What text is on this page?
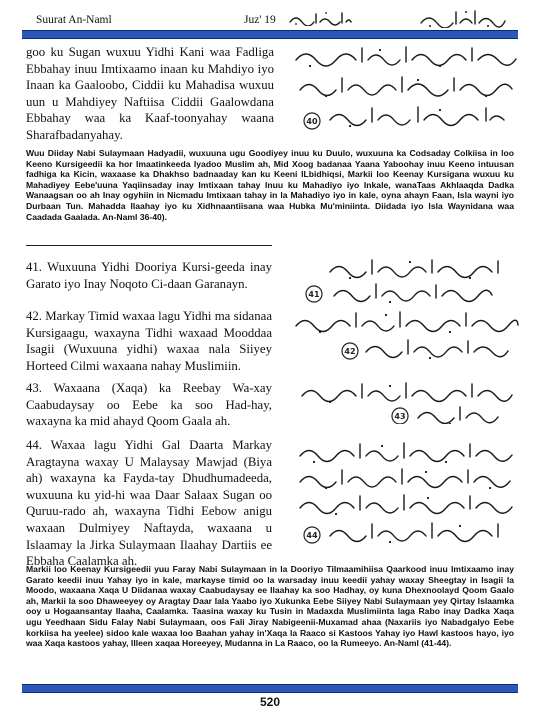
Suurat An-Naml	Juz' 19
goo ku Sugan wuxuu Yidhi Kani waa Fadliga Ebbahay inuu Imtixaamo inaan ku Mahdiyo iyo Inaan ka Gaaloobo, Ciddii ku Mahadisa wuxuu uun u Mahdiyey Naftiisa Ciddii Gaalowdana Ebbahay waa ka Kaaf-toonyahay waana Sharafbadanyahay.
40
Wuu Diiday Nabi Sulaymaan Hadyadii, wuxuuna ugu Goodiyey inuu ku Duulo, wuxuuna ka Codsaday Colkiisa in loo Keeno Kursigeedii ka hor Imaatinkeeda Iyadoo Muslim ah, Mid Xoog badanaa Yaana Yaboohay inuu Keeno intuusan fadhiga ka Kicin, waxaase ka Dhakhso badnaaday kan ku Keeni ILbidhiqsi, Markii loo Keenay Kursigana wuxuu ku Mahadiyey Eebe'uuna Yaqiinsaday inay Imtixaan tahay Inuu ku Mahadiyo iyo Inkale, wanaTaas Akhlaaqda Dadka Wanaagsan oo ah Inay ogyhiin in Nicmadu Imtixaan tahay in la Mahadiyo iyo in kale, oyna ahayn Faan, Isla wayni iyo Durbaan Tun. Mahadda Ilaahay iyo ku Xidhnaantiisana waa Hubka Mu'miniinta. Diidada iyo Isla Waynidana waa Caadada Gaalada. An-Naml 36-40).
41. Wuxuuna Yidhi Dooriya Kursi-geeda inay Garato iyo Inay Noqoto Ci-daan Garanayn.
41
42. Markay Timid waxaa lagu Yidhi ma sidanaa Kursigaagu, waxayna Tidhi waxaad Mooddaa Isagii (Wuxuuna yidhi) waxaa nala Siiyey Horteed Cilmi waxaana nahay Muslimiin.
42
43. Waxaana (Xaqa) ka Reebay Wa-xay Caabudaysay oo Eebe ka soo Had-hay, waxayna ka mid ahayd Qoom Gaala ah.	43
44. Waxaa lagu Yidhi Gal Daarta Markay Aragtayna waxay U Malaysay Mawjad (Biya ah) waxayna ka Fayda-tay Dhudhumadeeda, wuxuuna ku yid-hi waa Daar Salaax Sugan oo Quruu-rado ah, waxayna Tidhi Eebow anigu waxaan Dulmiyey Naftayda, waxaana u Islaamay la Jirka Sulaymaan Ilaahay Dartiis ee Ebbaha Caalamka ah.
44
Markii loo Keenay Kursigeedii yuu Faray Nabi Sulaymaan in la Dooriyo Tilmaamihiisa Qaarkood inuu Imtixaamo inay Garato keedii inuu Yahay iyo in kale, markayse timid oo la warsaday inuu keedii yahay waxay Sheegtay in Isagii la Moodo, waxaana Xaqa U Diidanaa waxay Caabudaysay ee Ilaahay ka soo Hadhay, oy kuna Dhexnoolayd Qoom Gaalo ah, Markii la soo Dhaweeyey oy Aragtay Daar lala Yaabo iyo Xukunka Eebe Siiyey Nabi Sulaymaan yey Qirtay Islaamka ooy u Hogaansantay Ilaaha, Caalamka. Taasina waxay ku Tusin in Madaxda Muslimiinta laga Rabo inay Dadka Xaqa ugu Yeedhaan Sidu Falay Nabi Sulaymaan, oos Fali Jiray Nabigeenii-Muxamad ahaa (Naxariis iyo Nabadgalyo Eebe korkiisa ha yeelee) sidoo kale waxaa loo Baahan yahay in'Xaqa la Raaco si Kastoos Yahay iyo Hawl kastoos hayo, iyo waa Xaqa kastoos yahay, Illeen xaqaa Horeeyey, Mudanna in La Raaco, oo la Rumeeyo. An-Naml (41-44).
520
